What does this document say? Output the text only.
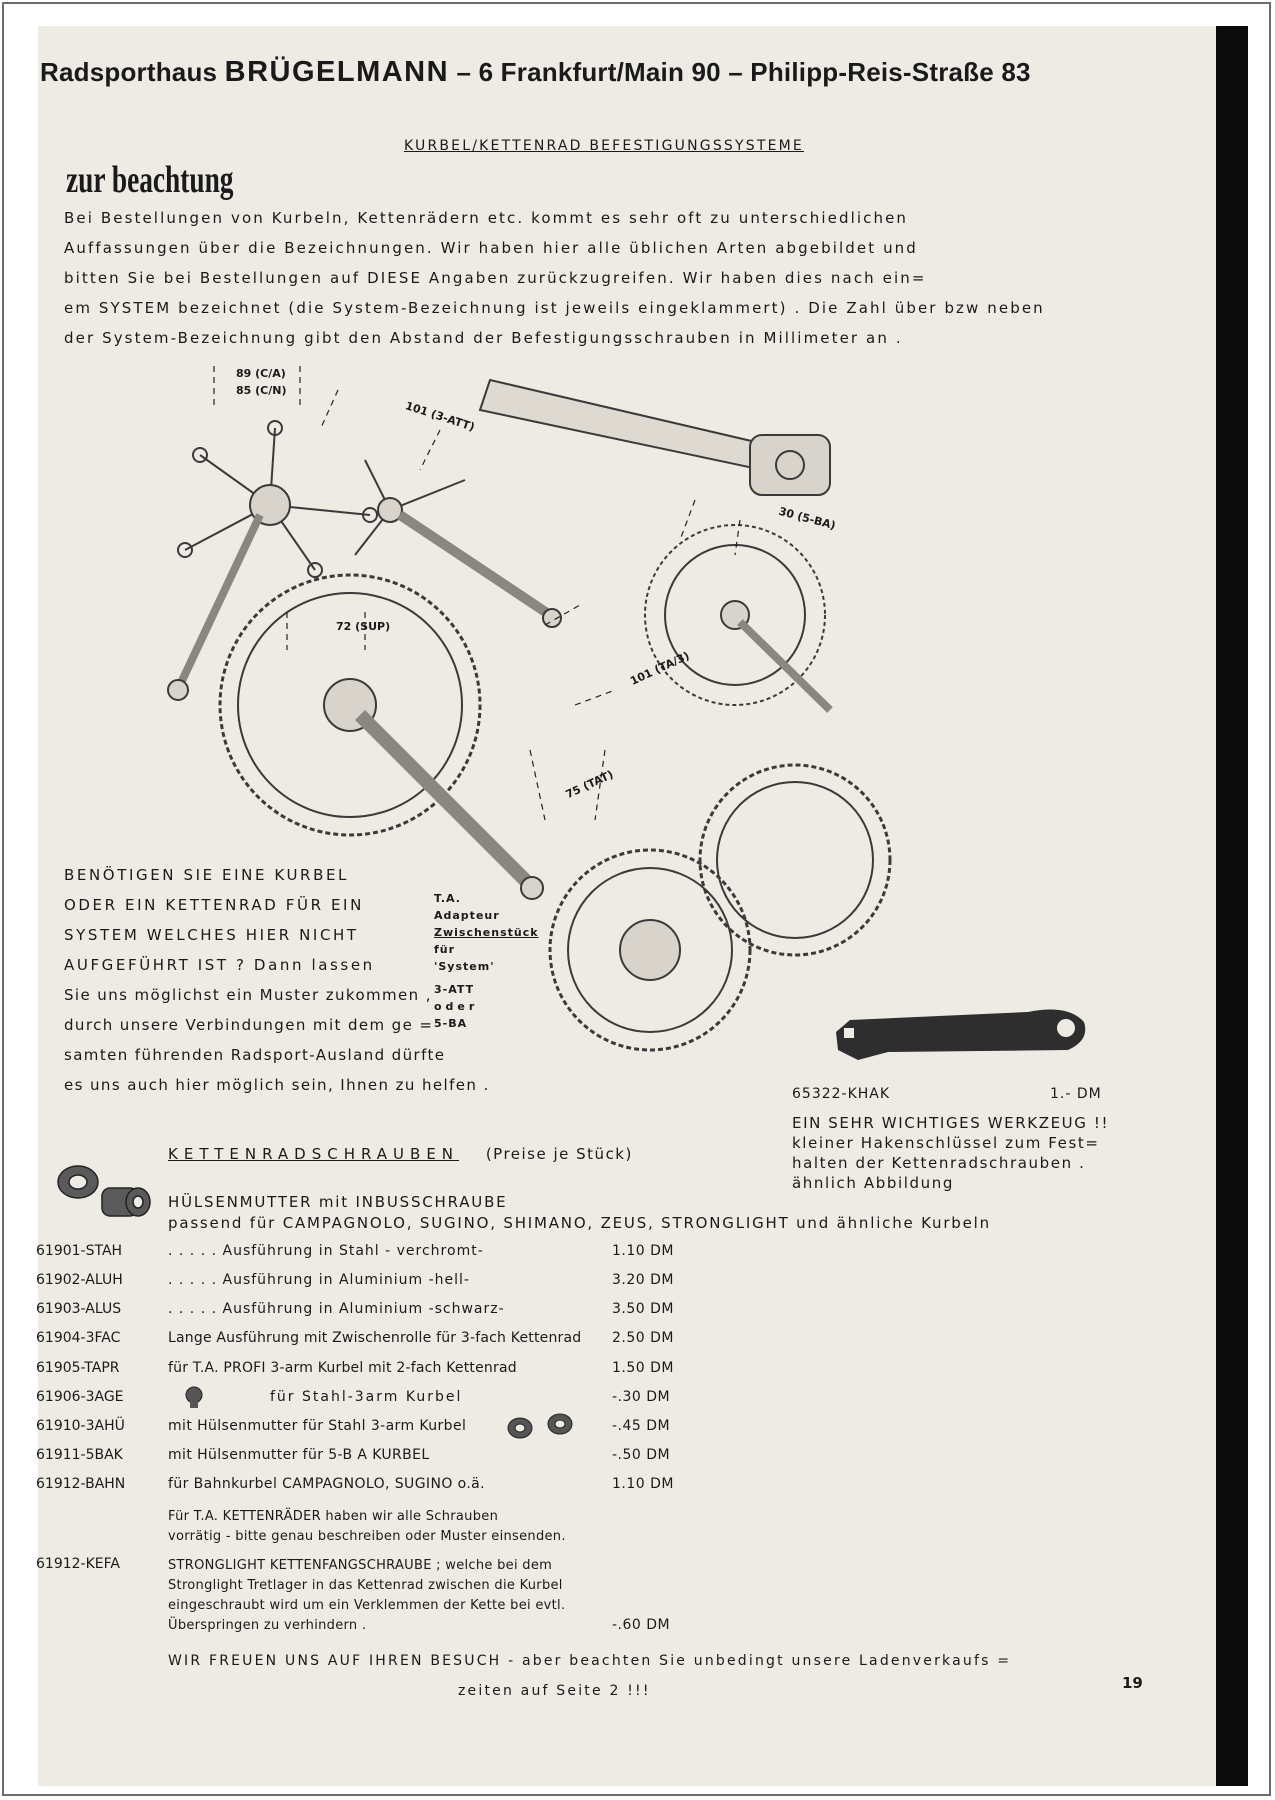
Radsporthaus BRÜGELMANN – 6 Frankfurt/Main 90 – Philipp-Reis-Straße 83
KURBEL/KETTENRAD BEFESTIGUNGSSYSTEME
zur beachtung

Bei Bestellungen von Kurbeln, Kettenrädern etc. kommt es sehr oft zu unterschiedlichen

Auffassungen über die Bezeichnungen. Wir haben hier alle üblichen Arten abgebildet und

bitten Sie bei Bestellungen auf DIESE Angaben zurückzugreifen. Wir haben dies nach ein=

em SYSTEM bezeichnet (die System-Bezeichnung ist jeweils eingeklammert) . Die Zahl über bzw neben

der System-Bezeichnung gibt den Abstand der Befestigungsschrauben in Millimeter an .

89 (C/A)
85 (C/N)
101 (3-ATT)
30 (5-BA)
72 (SUP)
101 (TA/3)
75 (TAT)

BENÖTIGEN SIE EINE KURBEL

ODER EIN KETTENRAD FÜR EIN

SYSTEM WELCHES HIER NICHT

AUFGEFÜHRT IST ? Dann lassen

Sie uns möglichst ein Muster zukommen ,

durch unsere Verbindungen mit dem ge =

samten führenden Radsport-Ausland dürfte

es uns auch hier möglich sein, Ihnen zu helfen .

T.A.

Adapteur

Zwischenstück

für

'System'

3-ATT

oder

5-BA

65322-KHAK	1.- DM

EIN SEHR WICHTIGES WERKZEUG !!

kleiner Hakenschlüssel zum Fest=

halten der Kettenradschrauben .

ähnlich Abbildung

KETTENRADSCHRAUBEN (Preise je Stück)

HÜLSENMUTTER mit INBUSSCHRAUBE

passend für CAMPAGNOLO, SUGINO, SHIMANO, ZEUS, STRONGLIGHT und ähnliche Kurbeln

61901-STAH	. . . . . Ausführung in Stahl - verchromt-	1.10 DM
61902-ALUH	. . . . . Ausführung in Aluminium -hell-	3.20 DM
61903-ALUS	. . . . . Ausführung in Aluminium -schwarz-	3.50 DM
61904-3FAC	Lange Ausführung mit Zwischenrolle für 3-fach Kettenrad 2.50 DM
61905-TAPR	für T.A. PROFI 3-arm Kurbel mit 2-fach Kettenrad	1.50 DM
61906-3AGE	für Stahl-3arm Kurbel	-.30 DM
61910-3AHÜ	mit Hülsenmutter für Stahl 3-arm Kurbel	-.45 DM
61911-5BAK	mit Hülsenmutter für 5-B A KURBEL	-.50 DM
61912-BAHN	für Bahnkurbel CAMPAGNOLO, SUGINO o.ä.	1.10 DM
Für T.A. KETTENRÄDER haben wir alle Schrauben
vorrätig - bitte genau beschreiben oder Muster einsenden.
61912-KEFA	STRONGLIGHT KETTENFANGSCHRAUBE ; welche bei dem
Stronglight Tretlager in das Kettenrad zwischen die Kurbel
eingeschraubt wird um ein Verklemmen der Kette bei evtl.
Überspringen zu verhindern .	-.60 DM

WIR FREUEN UNS AUF IHREN BESUCH - aber beachten Sie unbedingt unsere Ladenverkaufs =

zeiten auf Seite 2 !!!	19
